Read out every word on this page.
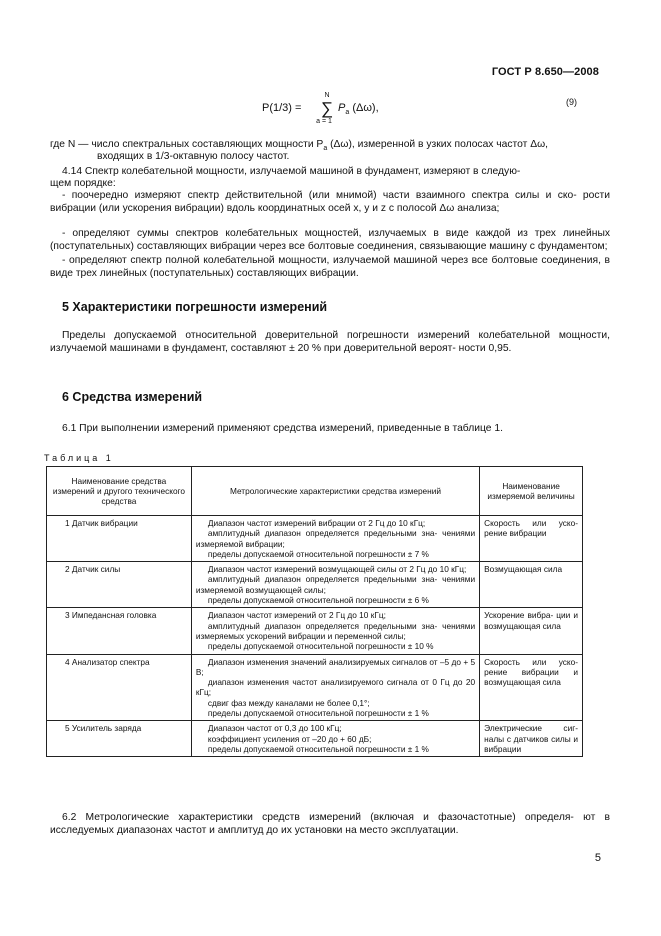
ГОСТ Р 8.650—2008
P(1/3) =
N
∑
a = 1
$P_a$ (Δω),	(9)
где N — число спектральных составляющих мощности $P_a$ (Δω), измеренной в узких полосах частот Δω,
входящих в 1/3-октавную полосу частот.
4.14 Спектр колебательной мощности, излучаемой машиной в фундамент, измеряют в следую-
щем порядке:
- поочередно измеряют спектр действительной (или мнимой) части взаимного спектра силы и ско- рости вибрации (или ускорения вибрации) вдоль координатных осей x, y и z с полосой Δω анализа;
- определяют суммы спектров колебательных мощностей, излучаемых в виде каждой из трех линейных (поступательных) составляющих вибрации через все болтовые соединения, связывающие машину с фундаментом;
- определяют спектр полной колебательной мощности, излучаемой машиной через все болтовые соединения, в виде трех линейных (поступательных) составляющих вибрации.
5 Характеристики погрешности измерений
Пределы допускаемой относительной доверительной погрешности измерений колебательной мощности, излучаемой машинами в фундамент, составляют ± 20 % при доверительной вероят- ности 0,95.
6 Средства измерений
6.1 При выполнении измерений применяют средства измерений, приведенные в таблице 1.
Таблица 1
Наименование средства измерений и другого технического средства	Метрологические характеристики средства измерений	Наименование измеряемой величины
1 Датчик вибрации	Диапазон частот измерений вибрации от 2 Гц до 10 кГц;
амплитудный диапазон определяется предельными зна- чениями измеряемой вибрации;
пределы допускаемой относительной погрешности ± 7 %	Скорость или уско- рение вибрации
2 Датчик силы	Диапазон частот измерений возмущающей силы от 2 Гц до 10 кГц;
амплитудный диапазон определяется предельными зна- чениями измеряемой возмущающей силы;
пределы допускаемой относительной погрешности ± 6 %	Возмущающая сила
3 Импедансная головка	Диапазон частот измерений от 2 Гц до 10 кГц;
амплитудный диапазон определяется предельными зна- чениями измеряемых ускорений вибрации и переменной силы;
пределы допускаемой относительной погрешности ± 10 %	Ускорение вибра- ции и возмущающая сила
4 Анализатор спектра	Диапазон изменения значений анализируемых сигналов от –5 до + 5 В;
диапазон изменения частот анализируемого сигнала от 0 Гц до 20 кГц;
сдвиг фаз между каналами не более 0,1°;
пределы допускаемой относительной погрешности ± 1 %	Скорость или уско- рение вибрации и возмущающая сила
5 Усилитель заряда	Диапазон частот от 0,3 до 100 кГц;
коэффициент усиления от –20 до + 60 дБ;
пределы допускаемой относительной погрешности ± 1 %	Электрические сиг- налы с датчиков силы и вибрации
6.2 Метрологические характеристики средств измерений (включая и фазочастотные) определя- ют в исследуемых диапазонах частот и амплитуд до их установки на место эксплуатации.
5
